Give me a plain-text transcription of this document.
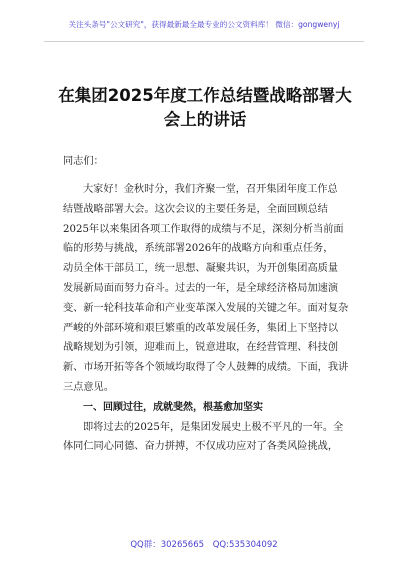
关注头条号"公文研究"，获得最新最全最专业的公文资料库！ 微信：gongwenyj
在集团2025年度工作总结暨战略部署大
会上的讲话
同志们：
大家好！金秋时分，我们齐聚一堂，召开集团年度工作总
结暨战略部署大会。这次会议的主要任务是，全面回顾总结
2025年以来集团各项工作取得的成绩与不足，深刻分析当前面
临的形势与挑战，系统部署2026年的战略方向和重点任务，
动员全体干部员工，统一思想、凝聚共识，为开创集团高质量
发展新局面而努力奋斗。过去的一年，是全球经济格局加速演
变、新一轮科技革命和产业变革深入发展的关键之年。面对复杂
严峻的外部环境和艰巨繁重的改革发展任务，集团上下坚持以
战略规划为引领，迎难而上，锐意进取，在经营管理、科技创
新、市场开拓等各个领域均取得了令人鼓舞的成绩。下面，我讲
三点意见。
一、回顾过往，成就斐然，根基愈加坚实
即将过去的2025年，是集团发展史上极不平凡的一年。全
体同仁同心同德、奋力拼搏，不仅成功应对了各类风险挑战，
QQ群：30265665 QQ:535304092
